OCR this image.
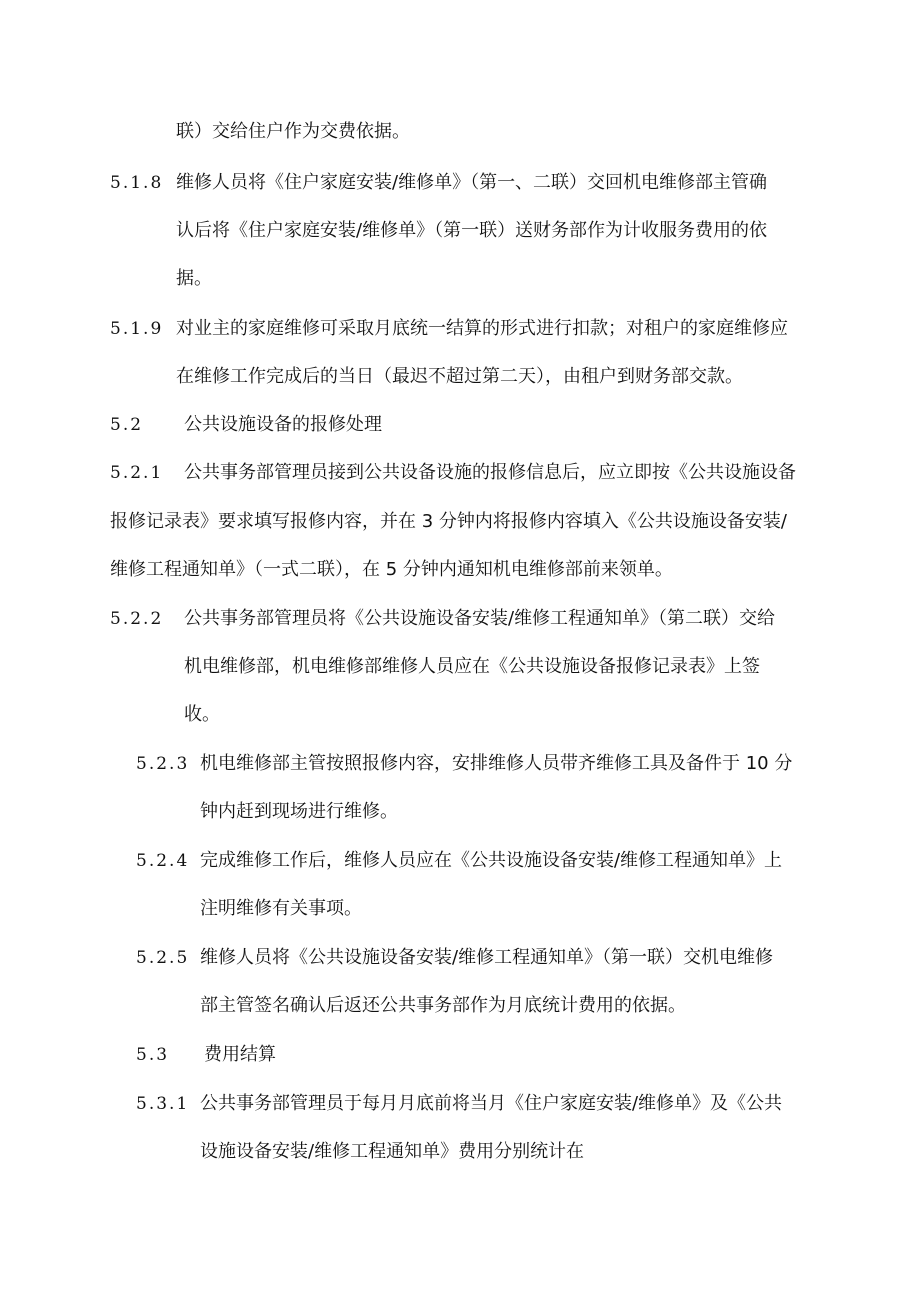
联）交给住户作为交费依据。
5.1.8 维修人员将《住户家庭安装/维修单》（第一、二联）交回机电维修部主管确
认后将《住户家庭安装/维修单》（第一联）送财务部作为计收服务费用的依
据。
5.1.9 对业主的家庭维修可采取月底统一结算的形式进行扣款；对租户的家庭维修应
在维修工作完成后的当日（最迟不超过第二天），由租户到财务部交款。
5.2 公共设施设备的报修处理
5.2.1 公共事务部管理员接到公共设备设施的报修信息后，应立即按《公共设施设备
报修记录表》要求填写报修内容，并在 3 分钟内将报修内容填入《公共设施设备安装/
维修工程通知单》（一式二联），在 5 分钟内通知机电维修部前来领单。
5.2.2 公共事务部管理员将《公共设施设备安装/维修工程通知单》（第二联）交给
机电维修部，机电维修部维修人员应在《公共设施设备报修记录表》上签
收。
5.2.3 机电维修部主管按照报修内容，安排维修人员带齐维修工具及备件于 10 分
钟内赶到现场进行维修。
5.2.4 完成维修工作后，维修人员应在《公共设施设备安装/维修工程通知单》上
注明维修有关事项。
5.2.5 维修人员将《公共设施设备安装/维修工程通知单》（第一联）交机电维修
部主管签名确认后返还公共事务部作为月底统计费用的依据。
5.3 费用结算
5.3.1 公共事务部管理员于每月月底前将当月《住户家庭安装/维修单》及《公共
设施设备安装/维修工程通知单》费用分别统计在
